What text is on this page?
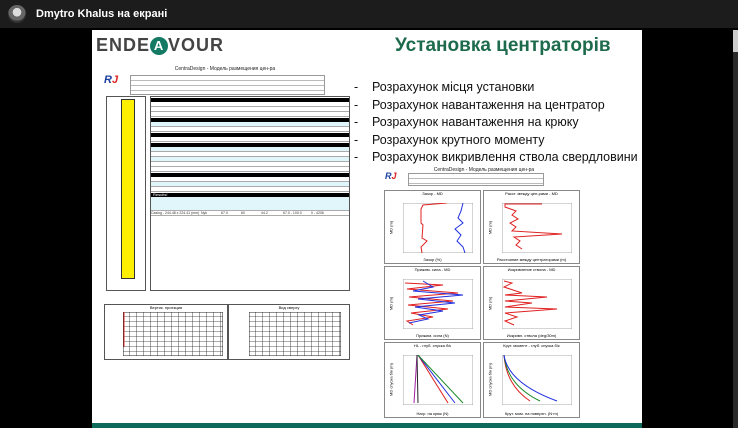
Dmytro Khalus на екрані
ENDE A VOUR	Установка центраторів
- Розрахунок місця установки
- Розрахунок навантаження на центратор
- Розрахунок навантаження на крюку
- Розрахунок крутного моменту
- Розрахунок викривлення ствола свердловини
CentraDesign - Модель размещения цен-ра
RJ
Results!
Casing - 244.48 x 224.41 (mm) Nyk	67.0	60	44.2	67.0 - 100.0	0 - 4206
Вертик. проекция	Вид сверху
CentraDesign - Модель размещения цен-ра
RJ
Зазор - MD
MD (m)
Зазор (%)
Расст. между цен-рами - MD
MD (m)
Расстояние между центраторами (m)
Прижим. сила - MD
MD (m)
Прижим. сила (N)
Искривление ствола - MD
MD (m)
Искривл. ствола (deg/30m)
HL - глуб. спуска б/к
MD спуска б/к (m)
Нагр. на крюк (N)
Крут. момент - глуб. спуска б/к
MD спуска б/к (m)
Крут. мом. на поверхн. (N·m)
